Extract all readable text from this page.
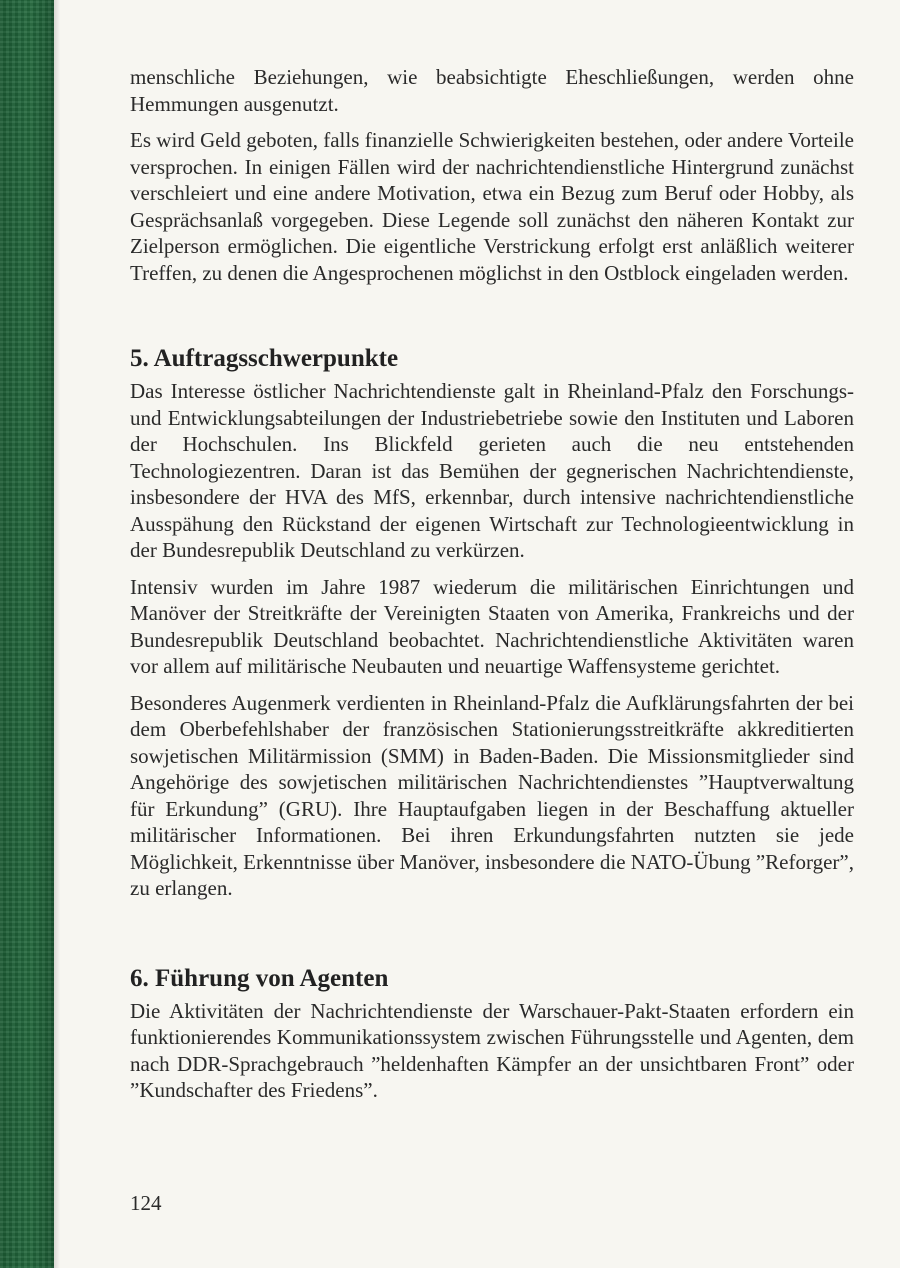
menschliche Beziehungen, wie beabsichtigte Eheschließungen, werden ohne Hemmungen ausgenutzt.

Es wird Geld geboten, falls finanzielle Schwierigkeiten bestehen, oder andere Vorteile versprochen. In einigen Fällen wird der nachrichtendienstliche Hintergrund zunächst verschleiert und eine andere Motivation, etwa ein Bezug zum Beruf oder Hobby, als Gesprächsanlaß vorgegeben. Diese Legende soll zunächst den näheren Kontakt zur Zielperson ermöglichen. Die eigentliche Verstrickung erfolgt erst anläßlich weiterer Treffen, zu denen die Angesprochenen möglichst in den Ostblock eingeladen werden.

5. Auftragsschwerpunkte

Das Interesse östlicher Nachrichtendienste galt in Rheinland-Pfalz den Forschungs- und Entwicklungsabteilungen der Industriebetriebe sowie den Instituten und Laboren der Hochschulen. Ins Blickfeld gerieten auch die neu entstehenden Technologiezentren. Daran ist das Bemühen der gegnerischen Nachrichtendienste, insbesondere der HVA des MfS, erkennbar, durch intensive nachrichtendienstliche Ausspähung den Rückstand der eigenen Wirtschaft zur Technologieentwicklung in der Bundesrepublik Deutschland zu verkürzen.

Intensiv wurden im Jahre 1987 wiederum die militärischen Einrichtungen und Manöver der Streitkräfte der Vereinigten Staaten von Amerika, Frankreichs und der Bundesrepublik Deutschland beobachtet. Nachrichtendienstliche Aktivitäten waren vor allem auf militärische Neubauten und neuartige Waffensysteme gerichtet.

Besonderes Augenmerk verdienten in Rheinland-Pfalz die Aufklärungsfahrten der bei dem Oberbefehlshaber der französischen Stationierungsstreitkräfte akkreditierten sowjetischen Militärmission (SMM) in Baden-Baden. Die Missionsmitglieder sind Angehörige des sowjetischen militärischen Nachrichtendienstes ”Hauptverwaltung für Erkundung” (GRU). Ihre Hauptaufgaben liegen in der Beschaffung aktueller militärischer Informationen. Bei ihren Erkundungsfahrten nutzten sie jede Möglichkeit, Erkenntnisse über Manöver, insbesondere die NATO-Übung ”Reforger”, zu erlangen.

6. Führung von Agenten

Die Aktivitäten der Nachrichtendienste der Warschauer-Pakt-Staaten erfordern ein funktionierendes Kommunikationssystem zwischen Führungsstelle und Agenten, dem nach DDR-Sprachgebrauch ”heldenhaften Kämpfer an der unsichtbaren Front” oder ”Kundschafter des Friedens”.

124
